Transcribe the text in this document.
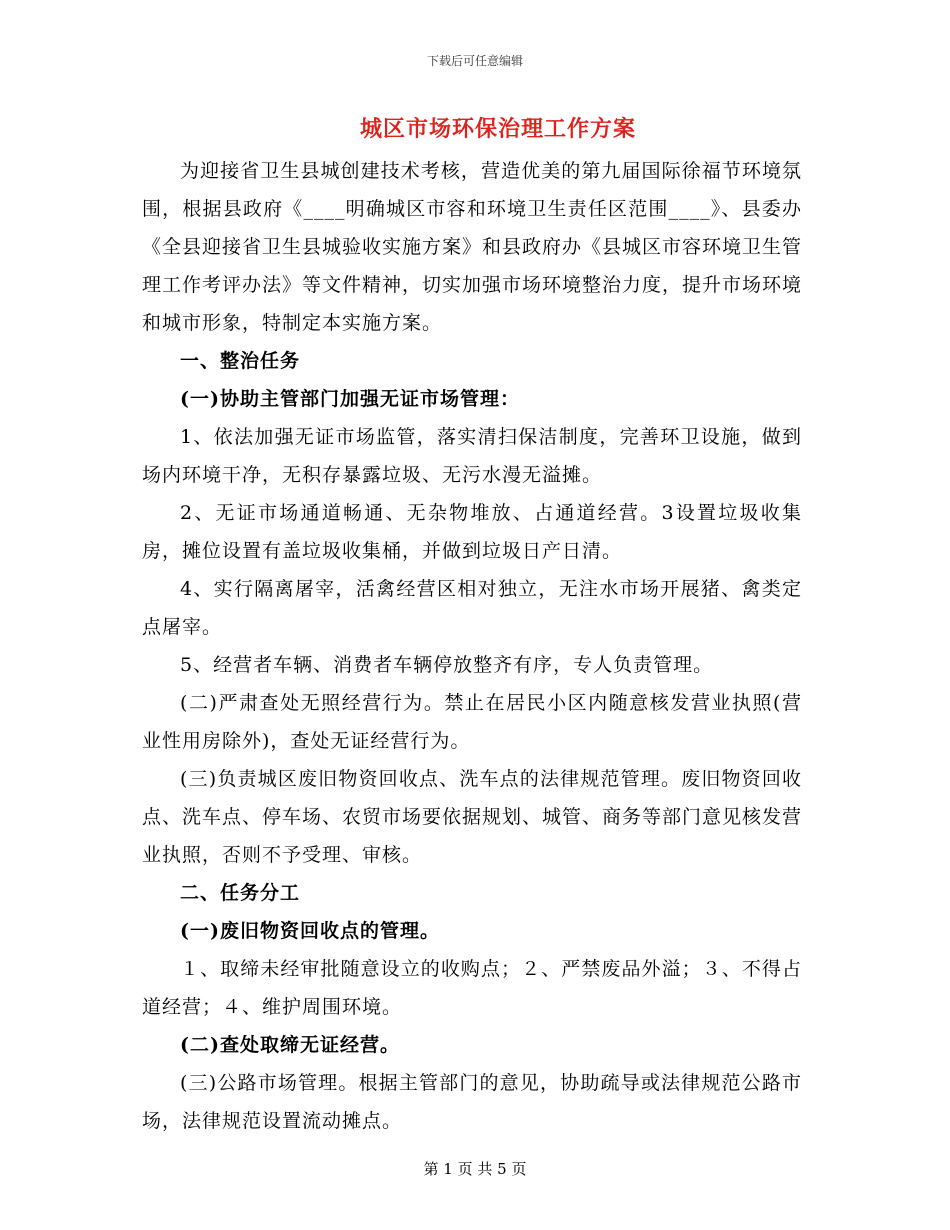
下载后可任意编辑
城区市场环保治理工作方案

为迎接省卫生县城创建技术考核，营造优美的第九届国际徐福节环境氛围，根据县政府《____明确城区市容和环境卫生责任区范围____》、县委办《全县迎接省卫生县城验收实施方案》和县政府办《县城区市容环境卫生管理工作考评办法》等文件精神，切实加强市场环境整治力度，提升市场环境和城市形象，特制定本实施方案。

一、整治任务

(一)协助主管部门加强无证市场管理：

1、依法加强无证市场监管，落实清扫保洁制度，完善环卫设施，做到场内环境干净，无积存暴露垃圾、无污水漫无溢摊。

2、无证市场通道畅通、无杂物堆放、占通道经营。3设置垃圾收集房，摊位设置有盖垃圾收集桶，并做到垃圾日产日清。

4、实行隔离屠宰，活禽经营区相对独立，无注水市场开展猪、禽类定点屠宰。

5、经营者车辆、消费者车辆停放整齐有序，专人负责管理。

(二)严肃查处无照经营行为。禁止在居民小区内随意核发营业执照(营业性用房除外)，查处无证经营行为。

(三)负责城区废旧物资回收点、洗车点的法律规范管理。废旧物资回收点、洗车点、停车场、农贸市场要依据规划、城管、商务等部门意见核发营业执照，否则不予受理、审核。

二、任务分工

(一)废旧物资回收点的管理。

１、取缔未经审批随意设立的收购点；２、严禁废品外溢；３、不得占道经营；４、维护周围环境。

(二)查处取缔无证经营。

(三)公路市场管理。根据主管部门的意见，协助疏导或法律规范公路市场，法律规范设置流动摊点。

第 1 页 共 5 页
